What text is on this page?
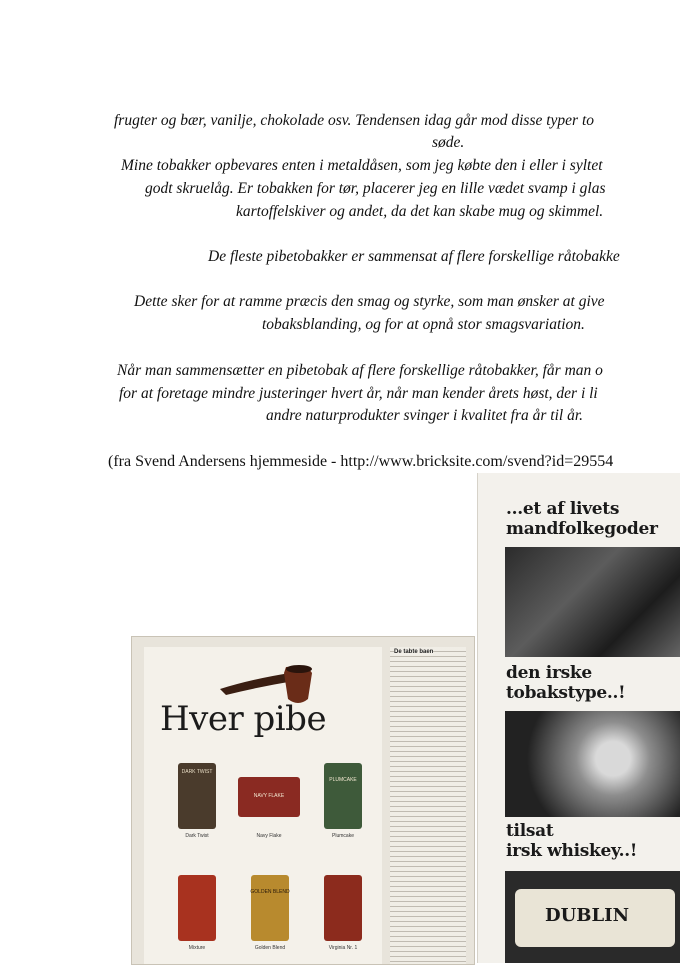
frugter og bær, vanilje, chokolade osv. Tendensen idag går mod disse typer to
søde.
Mine tobakker opbevares enten i metaldåsen, som jeg købte den i eller i syltet
godt skruelåg. Er tobakken for tør, placerer jeg en lille vædet svamp i glas
kartoffelskiver og andet, da det kan skabe mug og skimmel.
De fleste pibetobakker er sammensat af flere forskellige råtobakke
Dette sker for at ramme præcis den smag og styrke, som man ønsker at give
tobaksblanding, og for at opnå stor smagsvariation.
Når man sammensætter en pibetobak af flere forskellige råtobakker, får man o
for at foretage mindre justeringer hvert år, når man kender årets høst, der i li
andre naturprodukter svinger i kvalitet fra år til år.
(fra Svend Andersens hjemmeside - http://www.bricksite.com/svend?id=29554
Hver pibe
DARK TWIST
Dark Twist
NAVY FLAKE
Navy Flake
PLUMCAKE
Plumcake
Mixture
GOLDEN BLEND
Golden Blend	Virginia Nr. 1
De tabte baen
...et af livets
mandfolkegoder
den irske
tobakstype..!
tilsat
irsk whiskey..!
DUBLIN
